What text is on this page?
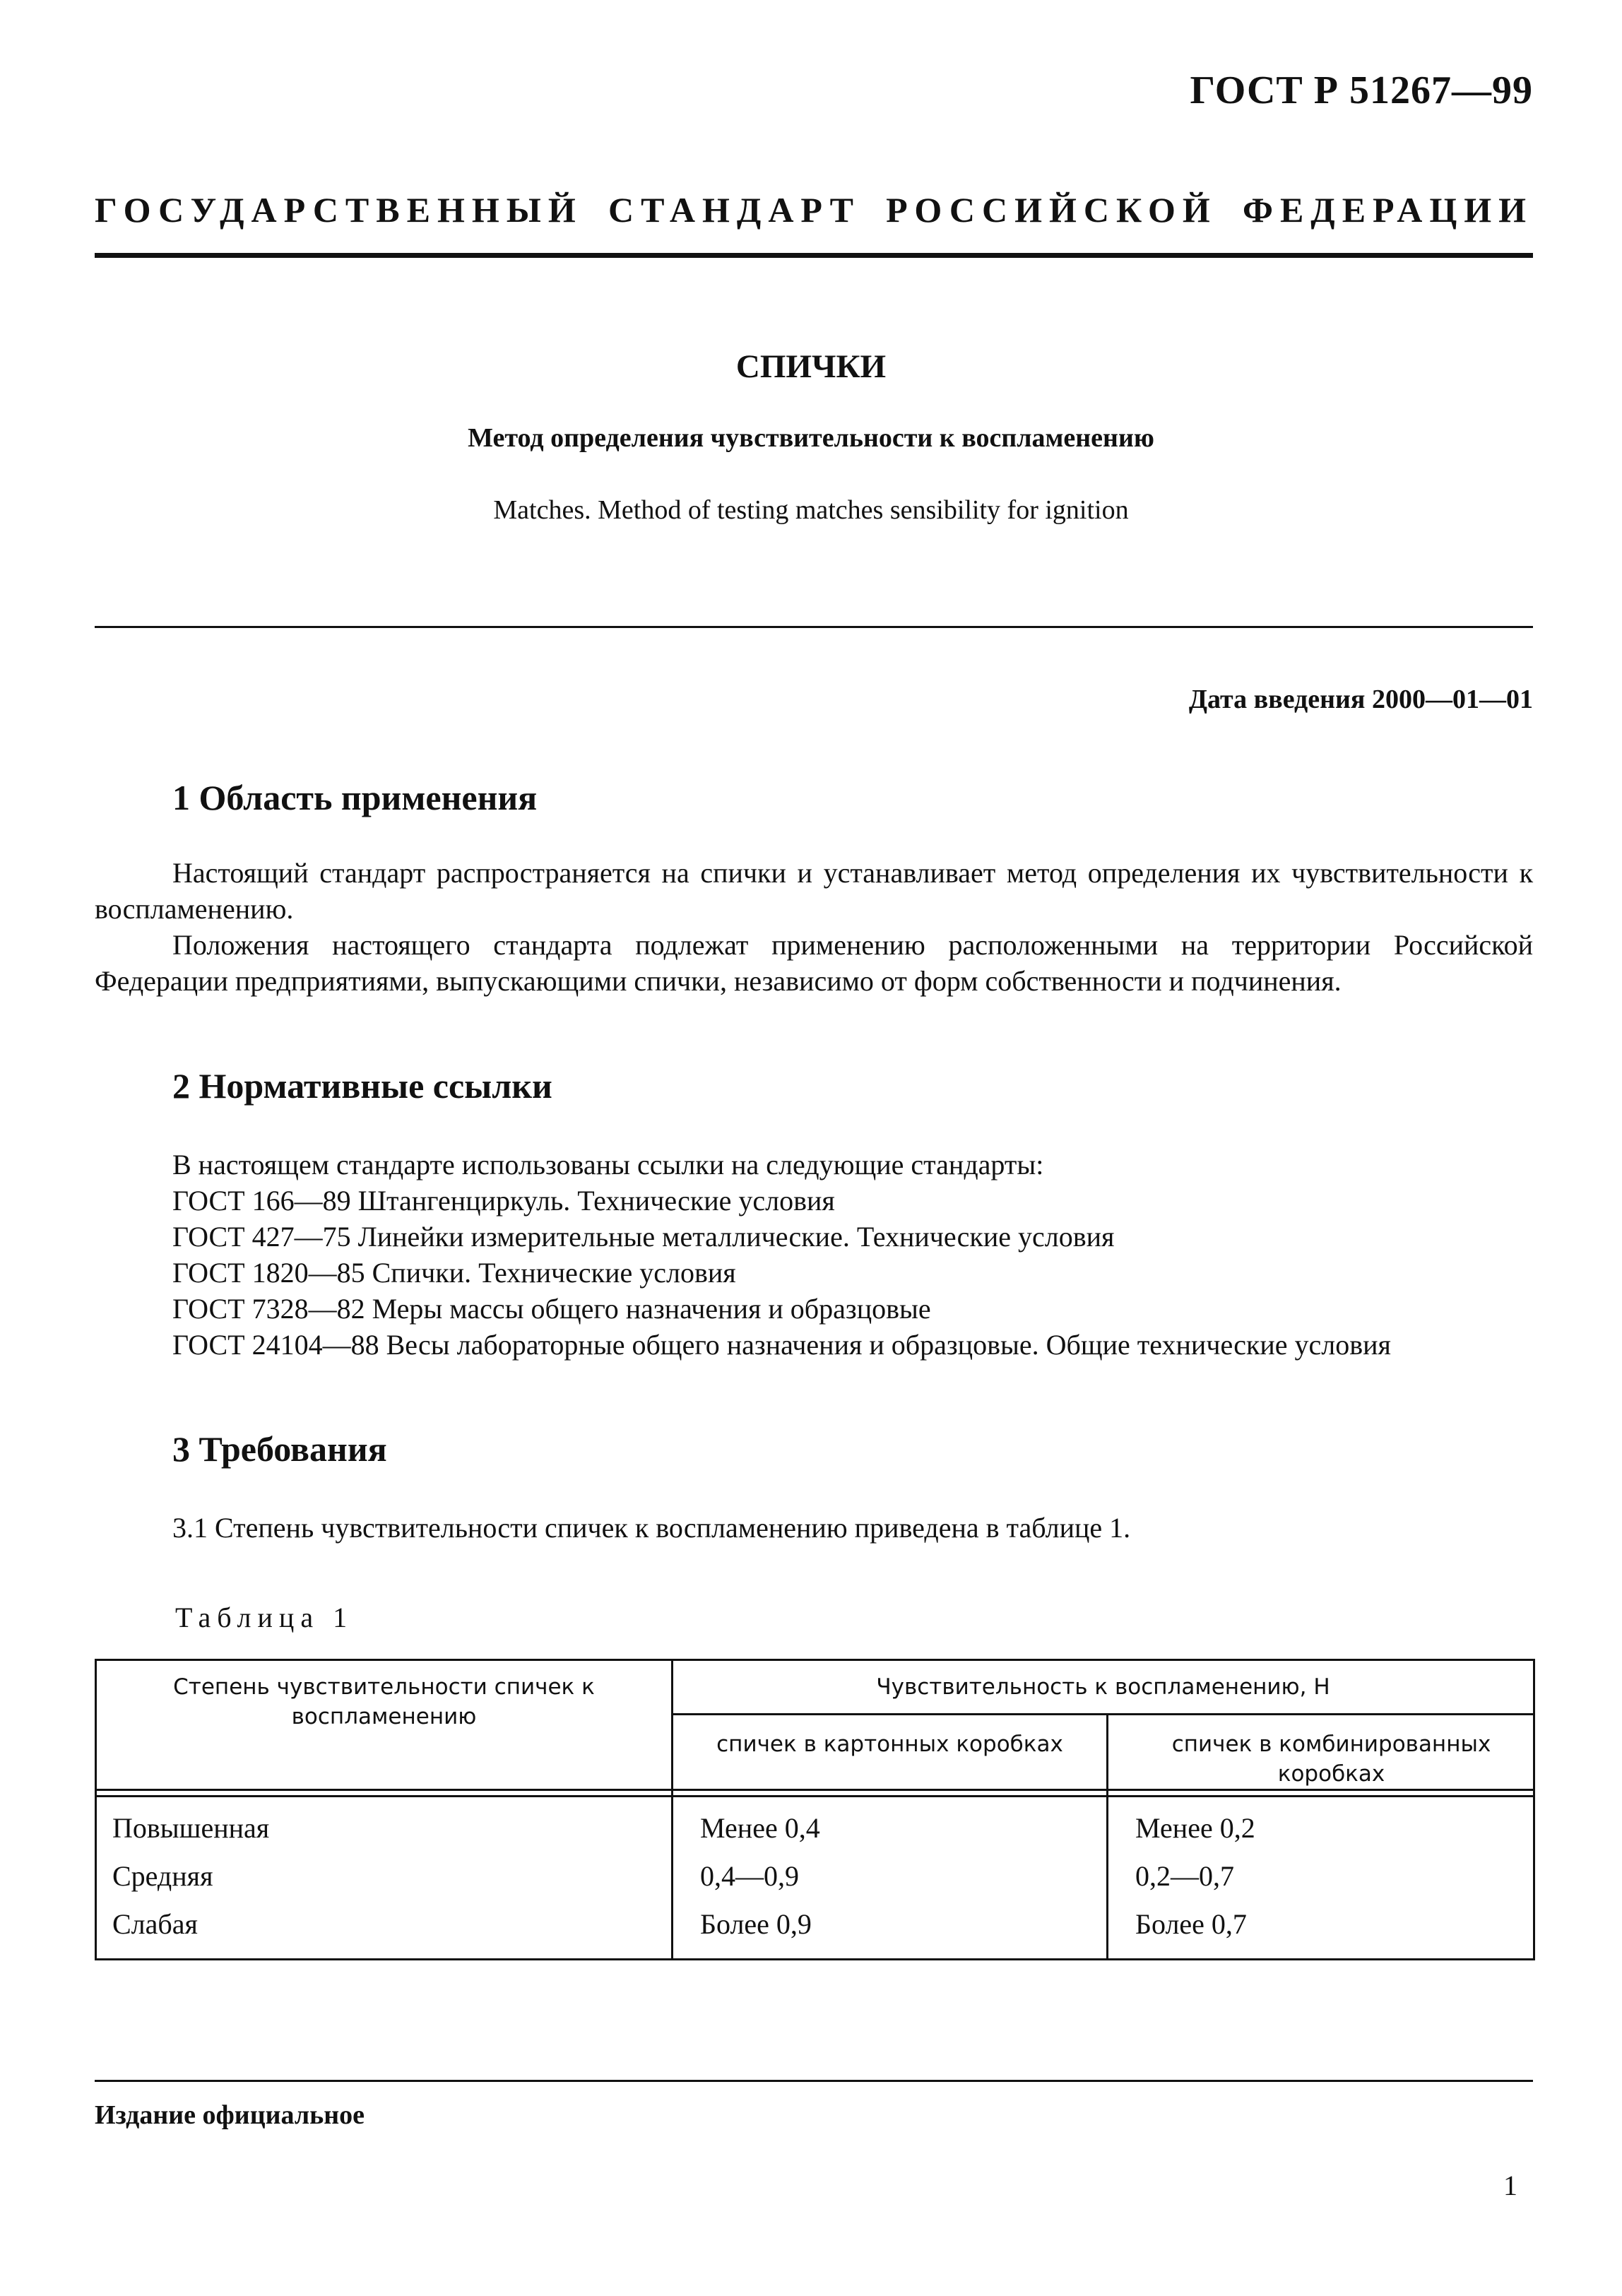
ГОСТ Р 51267—99
ГОСУДАРСТВЕННЫЙ СТАНДАРТ РОССИЙСКОЙ ФЕДЕРАЦИИ
СПИЧКИ
Метод определения чувствительности к воспламенению
Matches. Method of testing matches sensibility for ignition
Дата введения 2000—01—01
1 Область применения
Настоящий стандарт распространяется на спички и устанавливает метод определения их чувствительности к воспламенению.
Положения настоящего стандарта подлежат применению расположенными на территории Российской Федерации предприятиями, выпускающими спички, независимо от форм собственности и подчинения.
2 Нормативные ссылки
В настоящем стандарте использованы ссылки на следующие стандарты:
ГОСТ 166—89 Штангенциркуль. Технические условия
ГОСТ 427—75 Линейки измерительные металлические. Технические условия
ГОСТ 1820—85 Спички. Технические условия
ГОСТ 7328—82 Меры массы общего назначения и образцовые
ГОСТ 24104—88 Весы лабораторные общего назначения и образцовые. Общие технические условия
3 Требования
3.1 Степень чувствительности спичек к воспламенению приведена в таблице 1.
Таблица 1
Степень чувствительности спичек к воспламенению	Чувствительность к воспламенению, Н	

	спичек в картонных коробках	спичек в комбинированных коробках

Повышенная	Менее 0,4	Менее 0,2

Средняя	0,4—0,9	0,2—0,7

Слабая	Более 0,9	Более 0,7
Издание официальное
1
